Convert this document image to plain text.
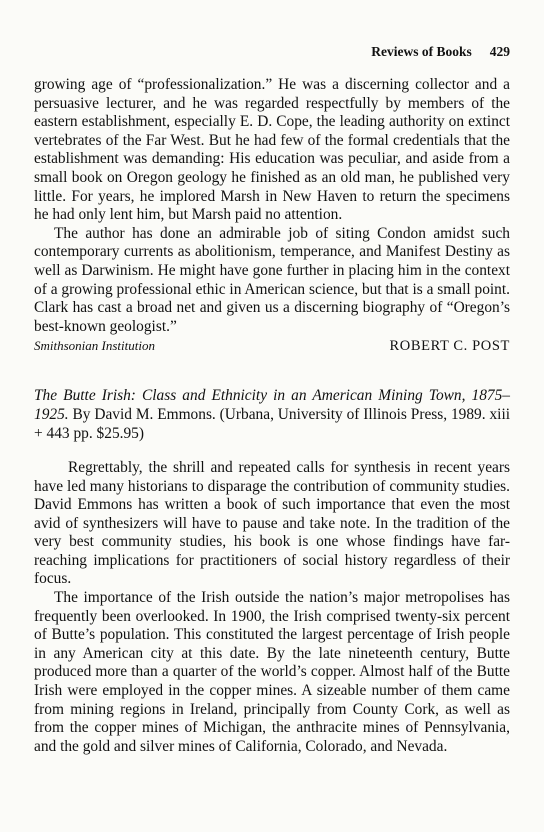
Reviews of Books 429

growing age of “professionalization.” He was a discerning collector and a persuasive lecturer, and he was regarded respectfully by members of the eastern establishment, especially E. D. Cope, the leading authority on extinct vertebrates of the Far West. But he had few of the formal credentials that the establishment was demanding: His education was peculiar, and aside from a small book on Oregon geology he finished as an old man, he published very little. For years, he implored Marsh in New Haven to return the specimens he had only lent him, but Marsh paid no attention.

The author has done an admirable job of siting Condon amidst such contemporary currents as abolitionism, temperance, and Manifest Destiny as well as Darwinism. He might have gone further in placing him in the context of a growing professional ethic in American science, but that is a small point. Clark has cast a broad net and given us a discerning biography of “Oregon’s best-known geologist.”

Smithsonian Institution	ROBERT C. POST
The Butte Irish: Class and Ethnicity in an American Mining Town, 1875–1925. By David M. Emmons. (Urbana, University of Illinois Press, 1989. xiii + 443 pp. $25.95)

Regrettably, the shrill and repeated calls for synthesis in recent years have led many historians to disparage the contribution of community studies. David Emmons has written a book of such importance that even the most avid of synthesizers will have to pause and take note. In the tradition of the very best community studies, his book is one whose findings have far-reaching implications for practitioners of social history regardless of their focus.

The importance of the Irish outside the nation’s major metropolises has frequently been overlooked. In 1900, the Irish comprised twenty-six percent of Butte’s population. This constituted the largest percentage of Irish people in any American city at this date. By the late nineteenth century, Butte produced more than a quarter of the world’s copper. Almost half of the Butte Irish were employed in the copper mines. A sizeable number of them came from mining regions in Ireland, principally from County Cork, as well as from the copper mines of Michigan, the anthracite mines of Pennsylvania, and the gold and silver mines of California, Colorado, and Nevada.
